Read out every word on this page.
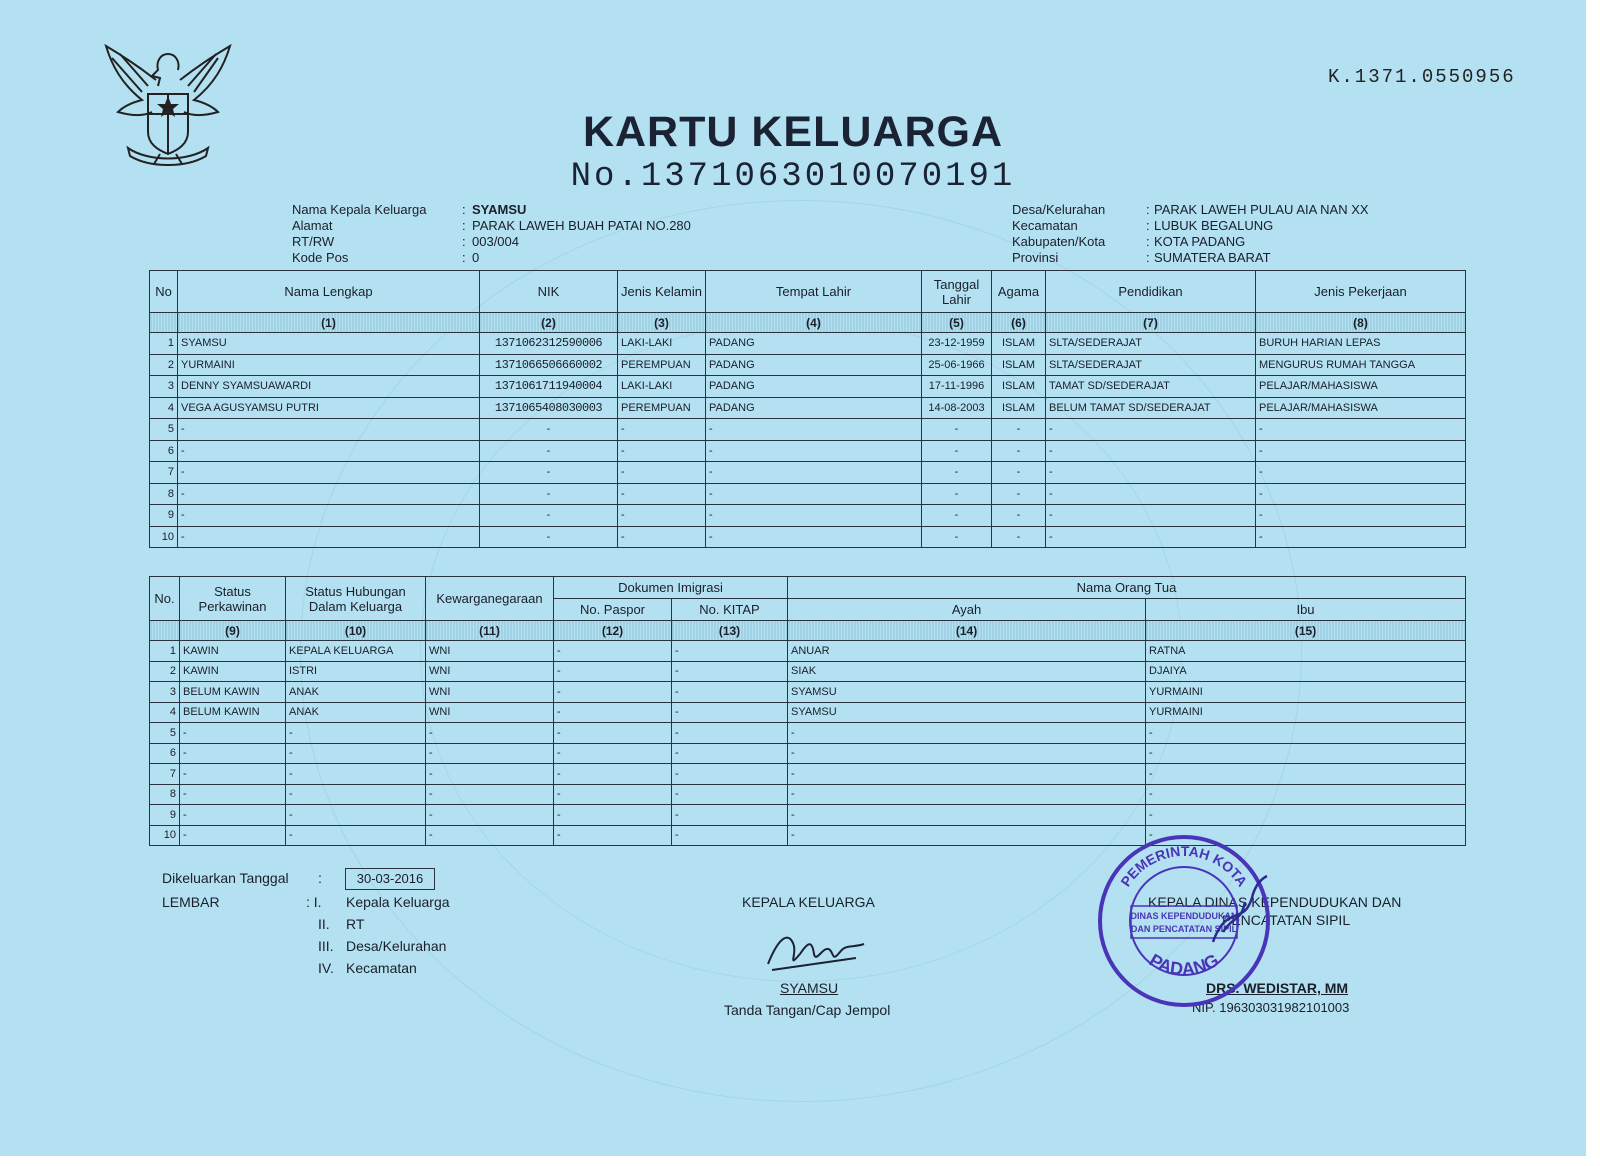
K.1371.0550956
KARTU KELUARGA
No.1371063010070191
Nama Kepala Keluarga	: SYAMSU
Alamat	: PARAK LAWEH BUAH PATAI NO.280
RT/RW	: 003/004
Kode Pos	: 0
Desa/Kelurahan	: PARAK LAWEH PULAU AIA NAN XX
Kecamatan	: LUBUK BEGALUNG
Kabupaten/Kota	: KOTA PADANG
Provinsi	: SUMATERA BARAT
No	Nama Lengkap	NIK	Jenis Kelamin	Tempat Lahir	Tanggal Lahir	Agama	Pendidikan	Jenis Pekerjaan
	(1)	(2)	(3)	(4)	(5)	(6)	(7)	(8)
1	SYAMSU	1371062312590006	LAKI-LAKI	PADANG	23-12-1959	ISLAM	SLTA/SEDERAJAT	BURUH HARIAN LEPAS
2	YURMAINI	1371066506660002	PEREMPUAN	PADANG	25-06-1966	ISLAM	SLTA/SEDERAJAT	MENGURUS RUMAH TANGGA
3	DENNY SYAMSUAWARDI	1371061711940004	LAKI-LAKI	PADANG	17-11-1996	ISLAM	TAMAT SD/SEDERAJAT	PELAJAR/MAHASISWA
4	VEGA AGUSYAMSU PUTRI	1371065408030003	PEREMPUAN	PADANG	14-08-2003	ISLAM	BELUM TAMAT SD/SEDERAJAT	PELAJAR/MAHASISWA
5	-	-	-	-	-	-	-	-
6	-	-	-	-	-	-	-	-
7	-	-	-	-	-	-	-	-
8	-	-	-	-	-	-	-	-
9	-	-	-	-	-	-	-	-
10	-	-	-	-	-	-	-	-
No.	Status Perkawinan	Status Hubungan Dalam Keluarga	Kewarganegaraan	Dokumen Imigrasi		Nama Orang Tua	
				No. Paspor	No. KITAP	Ayah	Ibu
	(9)	(10)	(11)	(12)	(13)	(14)	(15)
1	KAWIN	KEPALA KELUARGA	WNI	-	-	ANUAR	RATNA
2	KAWIN	ISTRI	WNI	-	-	SIAK	DJAIYA
3	BELUM KAWIN	ANAK	WNI	-	-	SYAMSU	YURMAINI
4	BELUM KAWIN	ANAK	WNI	-	-	SYAMSU	YURMAINI
5	-	-	-	-	-	-	-
6	-	-	-	-	-	-	-
7	-	-	-	-	-	-	-
8	-	-	-	-	-	-	-
9	-	-	-	-	-	-	-
10	-	-	-	-	-	-	-
Dikeluarkan Tanggal :	30-03-2016
LEMBAR	: I. Kepala Keluarga
II. RT
III. Desa/Kelurahan
IV. Kecamatan
KEPALA KELUARGA
SYAMSU
Tanda Tangan/Cap Jempol
KEPALA DINAS KEPENDUDUKAN DAN
PENCATATAN SIPIL
DRS. WEDISTAR, MM
NIP. 196303031982101003
PEMERINTAH KOTA
PADANG
DINAS KEPENDUDUKAN
DAN PENCATATAN SIPIL
